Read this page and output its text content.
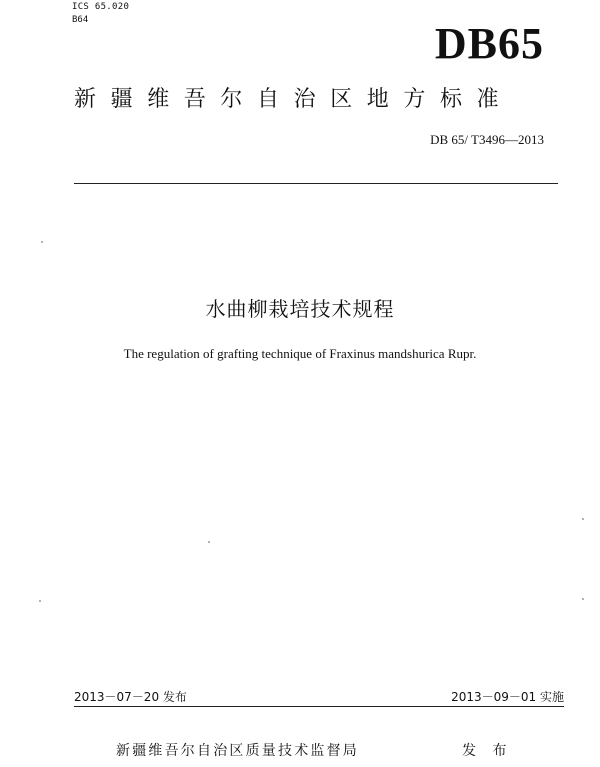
ICS 65.020
B64	DB65
新疆维吾尔自治区地方标准
DB 65/ T3496—2013
水曲柳栽培技术规程
The regulation of grafting technique of Fraxinus mandshurica Rupr.
2013－07－20 发布	2013－09－01 实施
新疆维吾尔自治区质量技术监督局	发 布
